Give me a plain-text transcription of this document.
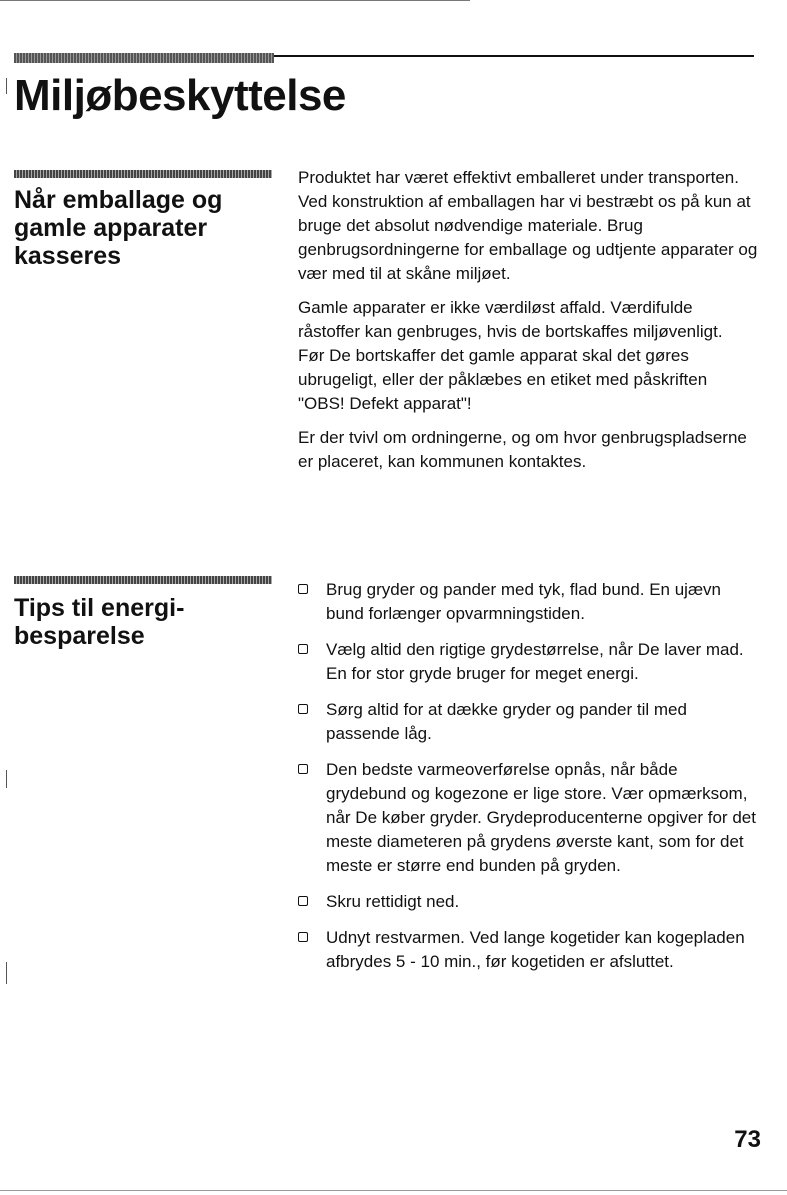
Miljøbeskyttelse
Når emballage og
gamle apparater
kasseres

Produktet har været effektivt emballeret under transporten. Ved konstruktion af emballagen har vi bestræbt os på kun at bruge det absolut nødvendige materiale. Brug genbrugsordningerne for emballage og udtjente apparater og vær med til at skåne miljøet.

Gamle apparater er ikke værdiløst affald. Værdifulde råstoffer kan genbruges, hvis de bortskaffes miljøvenligt.
Før De bortskaffer det gamle apparat skal det gøres ubrugeligt, eller der påklæbes en etiket med påskriften "OBS! Defekt apparat"!

Er der tvivl om ordningerne, og om hvor genbrugspladserne er placeret, kan kommunen kontaktes.

Tips til energi-
besparelse
Brug gryder og pander med tyk, flad bund. En ujævn bund forlænger opvarmningstiden.
Vælg altid den rigtige grydestørrelse, når De laver mad. En for stor gryde bruger for meget energi.
Sørg altid for at dække gryder og pander til med passende låg.
Den bedste varmeoverførelse opnås, når både grydebund og kogezone er lige store. Vær opmærksom, når De køber gryder. Grydeproducenterne opgiver for det meste diameteren på grydens øverste kant, som for det meste er større end bunden på gryden.
Skru rettidigt ned.
Udnyt restvarmen. Ved lange kogetider kan kogepladen afbrydes 5 - 10 min., før kogetiden er afsluttet.
73
